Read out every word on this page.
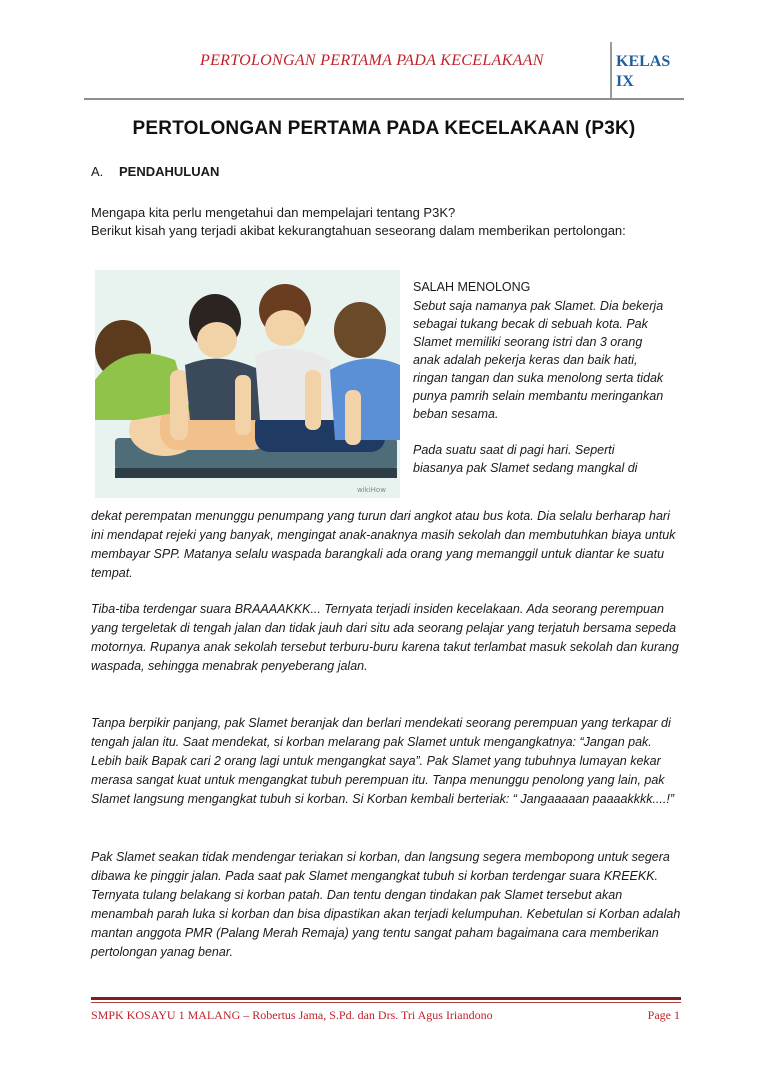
PERTOLONGAN PERTAMA PADA KECELAKAAN	KELAS
IX
PERTOLONGAN PERTAMA PADA KECELAKAAN (P3K)
A. PENDAHULUAN
Mengapa kita perlu mengetahui dan mempelajari tentang P3K?
Berikut kisah yang terjadi akibat kekurangtahuan seseorang dalam memberikan pertolongan:
wikiHow
SALAH MENOLONG

Sebut saja namanya pak Slamet. Dia bekerja sebagai tukang becak di sebuah kota. Pak Slamet memiliki seorang istri dan 3 orang anak adalah pekerja keras dan baik hati, ringan tangan dan suka menolong serta tidak punya pamrih selain membantu meringankan beban sesama.

Pada suatu saat di pagi hari. Seperti biasanya pak Slamet sedang mangkal di

dekat perempatan menunggu penumpang yang turun dari angkot atau bus kota. Dia selalu berharap hari ini mendapat rejeki yang banyak, mengingat anak-anaknya masih sekolah dan membutuhkan biaya untuk membayar SPP. Matanya selalu waspada barangkali ada orang yang memanggil untuk diantar ke suatu tempat.

Tiba-tiba terdengar suara BRAAAAKKK... Ternyata terjadi insiden kecelakaan. Ada seorang perempuan yang tergeletak di tengah jalan dan tidak jauh dari situ ada seorang pelajar yang terjatuh bersama sepeda motornya. Rupanya anak sekolah tersebut terburu-buru karena takut terlambat masuk sekolah dan kurang waspada, sehingga menabrak penyeberang jalan.

Tanpa berpikir panjang, pak Slamet beranjak dan berlari mendekati seorang perempuan yang terkapar di tengah jalan itu. Saat mendekat, si korban melarang pak Slamet untuk mengangkatnya: “Jangan pak. Lebih baik Bapak cari 2 orang lagi untuk mengangkat saya”. Pak Slamet yang tubuhnya lumayan kekar merasa sangat kuat untuk mengangkat tubuh perempuan itu. Tanpa menunggu penolong yang lain, pak Slamet langsung mengangkat tubuh si korban. Si Korban kembali berteriak: “ Jangaaaaan paaaakkkk....!”

Pak Slamet seakan tidak mendengar teriakan si korban, dan langsung segera membopong untuk segera dibawa ke pinggir jalan. Pada saat pak Slamet mengangkat tubuh si korban terdengar suara KREEKK. Ternyata tulang belakang si korban patah. Dan tentu dengan tindakan pak Slamet tersebut akan menambah parah luka si korban dan bisa dipastikan akan terjadi kelumpuhan. Kebetulan si Korban adalah mantan anggota PMR (Palang Merah Remaja) yang tentu sangat paham bagaimana cara memberikan pertolongan yanag benar.

SMPK KOSAYU 1 MALANG – Robertus Jama, S.Pd. dan Drs. Tri Agus Iriandono	Page 1
